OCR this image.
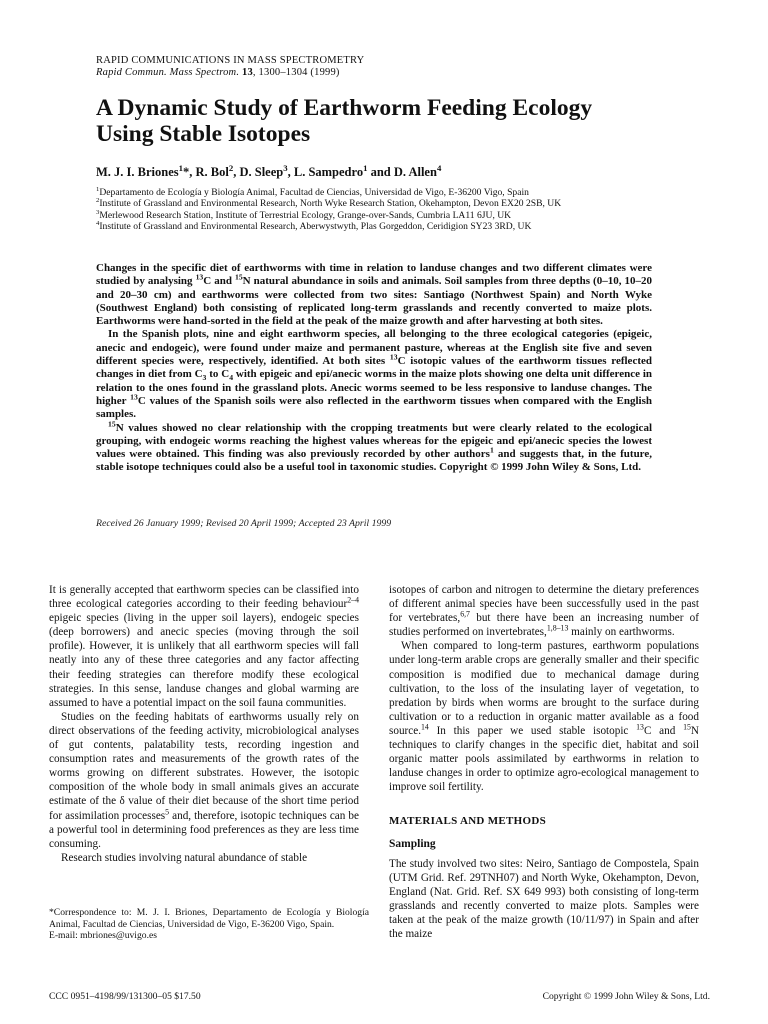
RAPID COMMUNICATIONS IN MASS SPECTROMETRY
Rapid Commun. Mass Spectrom. 13, 1300–1304 (1999)
A Dynamic Study of Earthworm Feeding Ecology
Using Stable Isotopes
M. J. I. Briones$^1$*, R. Bol$^2$, D. Sleep$^3$, L. Sampedro$^1$ and D. Allen$^4$
$^1$Departamento de Ecología y Biología Animal, Facultad de Ciencias, Universidad de Vigo, E-36200 Vigo, Spain
$^2$Institute of Grassland and Environmental Research, North Wyke Research Station, Okehampton, Devon EX20 2SB, UK
$^3$Merlewood Research Station, Institute of Terrestrial Ecology, Grange-over-Sands, Cumbria LA11 6JU, UK
$^4$Institute of Grassland and Environmental Research, Aberwystwyth, Plas Gorgeddon, Ceridigion SY23 3RD, UK

Changes in the specific diet of earthworms with time in relation to landuse changes and two different climates were studied by analysing $^{13}$C and $^{15}$N natural abundance in soils and animals. Soil samples from three depths (0–10, 10–20 and 20–30 cm) and earthworms were collected from two sites: Santiago (Northwest Spain) and North Wyke (Southwest England) both consisting of replicated long-term grasslands and recently converted to maize plots. Earthworms were hand-sorted in the field at the peak of the maize growth and after harvesting at both sites.

In the Spanish plots, nine and eight earthworm species, all belonging to the three ecological categories (epigeic, anecic and endogeic), were found under maize and permanent pasture, whereas at the English site five and seven different species were, respectively, identified. At both sites $^{13}$C isotopic values of the earthworm tissues reflected changes in diet from $C_3$ to $C_4$ with epigeic and epi/anecic worms in the maize plots showing one delta unit difference in relation to the ones found in the grassland plots. Anecic worms seemed to be less responsive to landuse changes. The higher $^{13}$C values of the Spanish soils were also reflected in the earthworm tissues when compared with the English samples.

$^{15}$N values showed no clear relationship with the cropping treatments but were clearly related to the ecological grouping, with endogeic worms reaching the highest values whereas for the epigeic and epi/anecic species the lowest values were obtained. This finding was also previously recorded by other authors$^1$ and suggests that, in the future, stable isotope techniques could also be a useful tool in taxonomic studies. Copyright © 1999 John Wiley & Sons, Ltd.

Received 26 January 1999; Revised 20 April 1999; Accepted 23 April 1999

It is generally accepted that earthworm species can be classified into three ecological categories according to their feeding behaviour$^{2-4}$ epigeic species (living in the upper soil layers), endogeic species (deep borrowers) and anecic species (moving through the soil profile). However, it is unlikely that all earthworm species will fall neatly into any of these three categories and any factor affecting their feeding strategies can therefore modify these ecological strategies. In this sense, landuse changes and global warming are assumed to have a potential impact on the soil fauna communities.

Studies on the feeding habitats of earthworms usually rely on direct observations of the feeding activity, microbiological analyses of gut contents, palatability tests, recording ingestion and consumption rates and measurements of the growth rates of the worms growing on different substrates. However, the isotopic composition of the whole body in small animals gives an accurate estimate of the δ value of their diet because of the short time period for assimilation processes$^5$ and, therefore, isotopic techniques can be a powerful tool in determining food preferences as they are less time consuming.

Research studies involving natural abundance of stable

isotopes of carbon and nitrogen to determine the dietary preferences of different animal species have been successfully used in the past for vertebrates,$^{6,7}$ but there have been an increasing number of studies performed on invertebrates,$^{1,8-13}$ mainly on earthworms.

When compared to long-term pastures, earthworm populations under long-term arable crops are generally smaller and their specific composition is modified due to mechanical damage during cultivation, to the loss of the insulating layer of vegetation, to predation by birds when worms are brought to the surface during cultivation or to a reduction in organic matter available as a food source.$^{14}$ In this paper we used stable isotopic $^{13}$C and $^{15}$N techniques to clarify changes in the specific diet, habitat and soil organic matter pools assimilated by earthworms in relation to landuse changes in order to optimize agro-ecological management to improve soil fertility.

MATERIALS AND METHODS

Sampling

The study involved two sites: Neiro, Santiago de Compostela, Spain (UTM Grid. Ref. 29TNH07) and North Wyke, Okehampton, Devon, England (Nat. Grid. Ref. SX 649 993) both consisting of long-term grasslands and recently converted to maize plots. Samples were taken at the peak of the maize growth (10/11/97) in Spain and after the maize

*Correspondence to: M. J. I. Briones, Departamento de Ecología y Biología Animal, Facultad de Ciencias, Universidad de Vigo, E-36200 Vigo, Spain.

E-mail: mbriones@uvigo.es

CCC 0951–4198/99/131300–05 $17.50	Copyright © 1999 John Wiley & Sons, Ltd.
